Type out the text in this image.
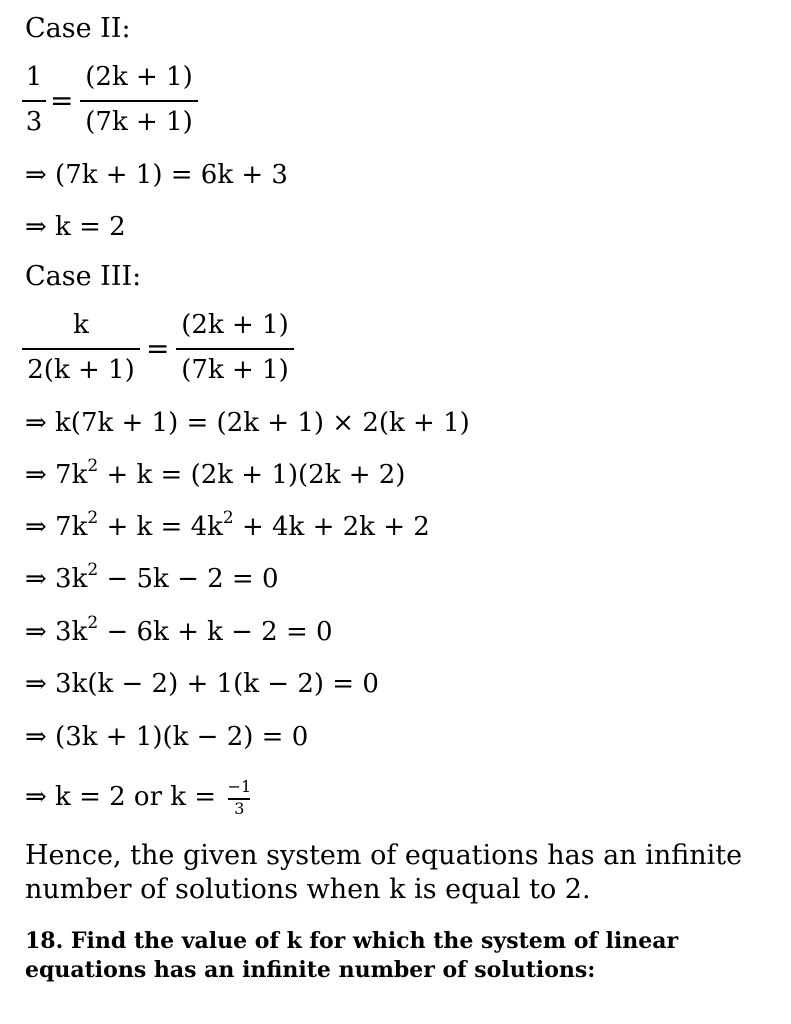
Case II:
1
3
=
(2k + 1)
(7k + 1)
⇒ (7k + 1) = 6k + 3
⇒ k = 2
Case III:
k
2(k + 1)
=
(2k + 1)
(7k + 1)
⇒ k(7k + 1) = (2k + 1) × 2(k + 1)
⇒ $7k^2 + k = (2k + 1)(2k + 2)$
⇒ $7k^2 + k = 4k^2 + 4k + 2k + 2$
⇒ $3k^2 - 5k - 2 = 0$
⇒ $3k^2 - 6k + k - 2 = 0$
⇒ 3k(k − 2) + 1(k − 2) = 0
⇒ (3k + 1)(k − 2) = 0
⇒ k = 2 or $k = \frac{-1}{3}$
Hence, the given system of equations has an infinite number of solutions when k is equal to 2.
18. Find the value of k for which the system of linear equations has an infinite number of solutions:
